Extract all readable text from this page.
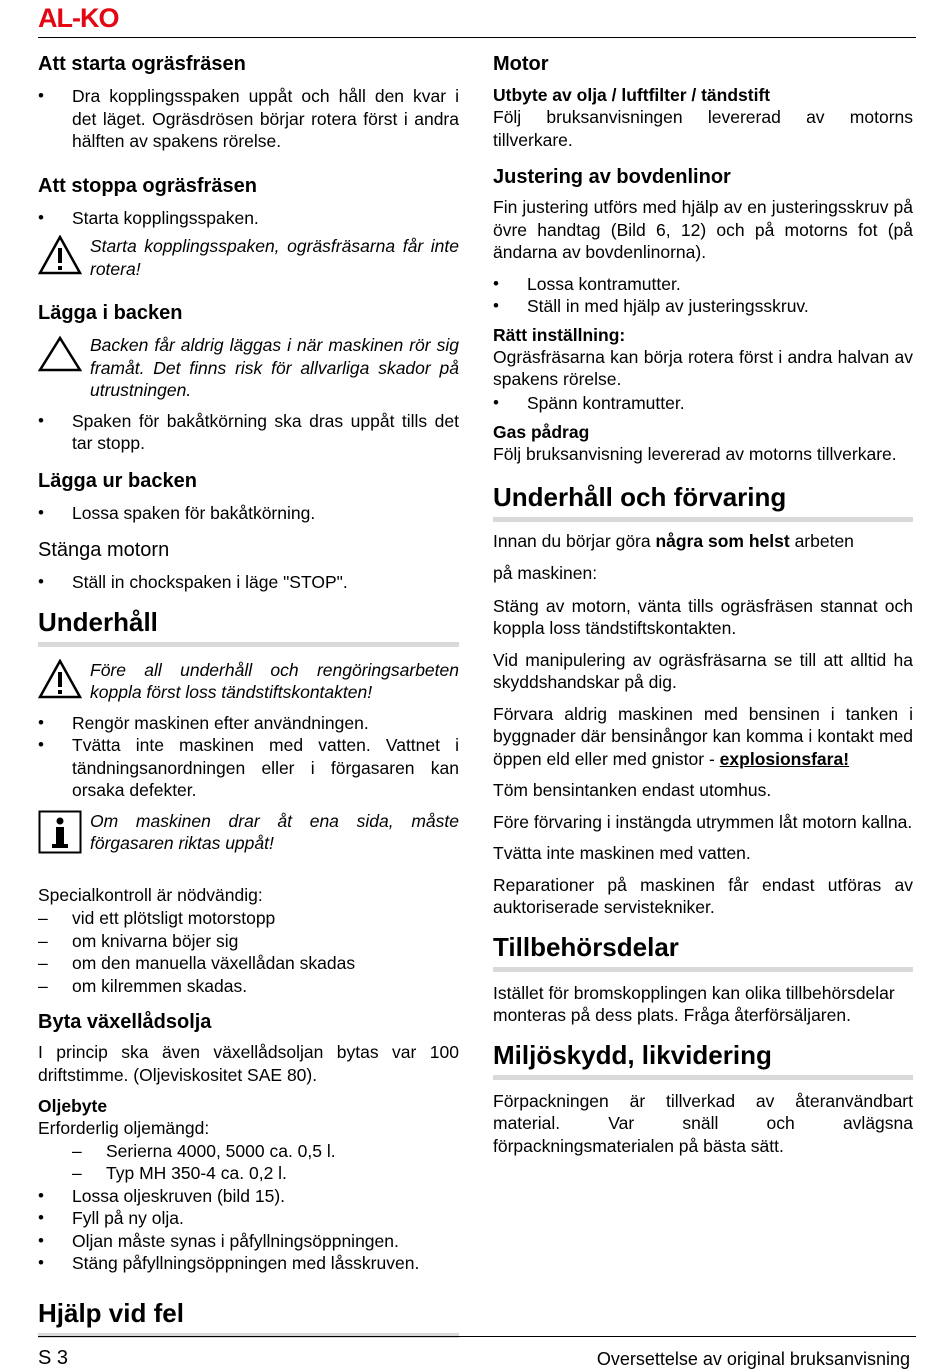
AL-KO
Att starta ogräsfräsen
• Dra kopplingsspaken uppåt och håll den kvar i det läget. Ogräsdrösen börjar rotera först i andra hälften av spakens rörelse.
Att stoppa ogräsfräsen
• Starta kopplingsspaken.

Starta kopplingsspaken, ogräsfräsarna får inte rotera!

Lägga i backen

Backen får aldrig läggas i när maskinen rör sig framåt. Det finns risk för allvarliga skador på utrustningen.

• Spaken för bakåtkörning ska dras uppåt tills det tar stopp.
Lägga ur backen
• Lossa spaken för bakåtkörning.
Stänga motorn
• Ställ in chockspaken i läge "STOP".
Underhåll

Före all underhåll och rengöringsarbeten koppla först loss tändstiftskontakten!

• Rengör maskinen efter användningen.
• Tvätta inte maskinen med vatten. Vattnet i tändningsanordningen eller i förgasaren kan orsaka defekter.

Om maskinen drar åt ena sida, måste förgasaren riktas uppåt!

Specialkontroll är nödvändig:

– vid ett plötsligt motorstopp
– om knivarna böjer sig
– om den manuella växellådan skadas
– om kilremmen skadas.
Byta växellådsolja

I princip ska även växellådsoljan bytas var 100 driftstimme. (Oljeviskositet SAE 80).

Oljebyte

Erforderlig oljemängd:

– Serierna 4000, 5000 ca. 0,5 l.
– Typ MH 350-4 ca. 0,2 l.
• Lossa oljeskruven (bild 15).
• Fyll på ny olja.
• Oljan måste synas i påfyllningsöppningen.
• Stäng påfyllningsöppningen med låsskruven.
Hjälp vid fel
Motor
Utbyte av olja / luftfilter / tändstift

Följ bruksanvisningen levererad av motorns tillverkare.

Justering av bovdenlinor

Fin justering utförs med hjälp av en justeringsskruv på övre handtag (Bild 6, 12) och på motorns fot (på ändarna av bovdenlinorna).

• Lossa kontramutter.
• Ställ in med hjälp av justeringsskruv.
Rätt inställning:

Ogräsfräsarna kan börja rotera först i andra halvan av spakens rörelse.

• Spänn kontramutter.
Gas pådrag

Följ bruksanvisning levererad av motorns tillverkare.

Underhåll och förvaring

Innan du börjar göra några som helst arbeten

på maskinen:

Stäng av motorn, vänta tills ogräsfräsen stannat och koppla loss tändstiftskontakten.

Vid manipulering av ogräsfräsarna se till att alltid ha skyddshandskar på dig.

Förvara aldrig maskinen med bensinen i tanken i byggnader där bensinångor kan komma i kontakt med öppen eld eller med gnistor - explosionsfara!

Töm bensintanken endast utomhus.

Före förvaring i instängda utrymmen låt motorn kallna.

Tvätta inte maskinen med vatten.

Reparationer på maskinen får endast utföras av auktoriserade servistekniker.

Tillbehörsdelar

Istället för bromskopplingen kan olika tillbehörsdelar monteras på dess plats. Fråga återförsäljaren.

Miljöskydd, likvidering

Förpackningen är tillverkad av återanvändbart material. Var snäll och avlägsna förpackningsmaterialen på bästa sätt.

S 3	Oversettelse av original bruksanvisning
